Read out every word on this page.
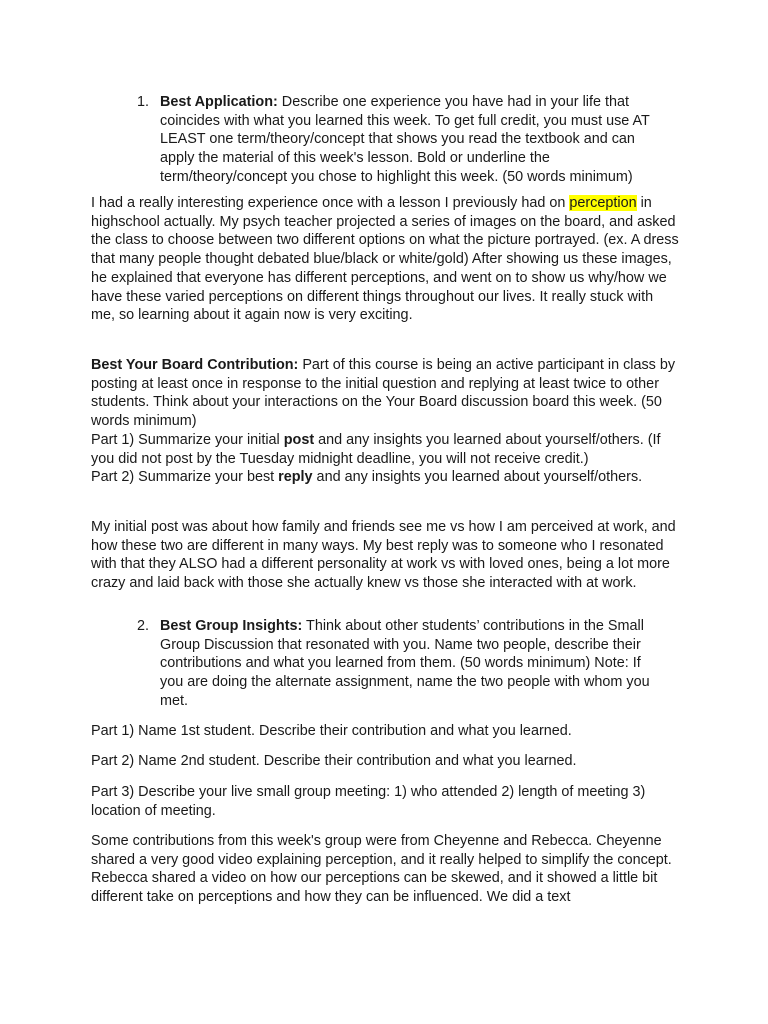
1. Best Application: Describe one experience you have had in your life that coincides with what you learned this week. To get full credit, you must use AT LEAST one term/theory/concept that shows you read the textbook and can apply the material of this week's lesson. Bold or underline the term/theory/concept you chose to highlight this week. (50 words minimum)

I had a really interesting experience once with a lesson I previously had on perception in highschool actually. My psych teacher projected a series of images on the board, and asked the class to choose between two different options on what the picture portrayed. (ex. A dress that many people thought debated blue/black or white/gold) After showing us these images, he explained that everyone has different perceptions, and went on to show us why/how we have these varied perceptions on different things throughout our lives. It really stuck with me, so learning about it again now is very exciting.

Best Your Board Contribution: Part of this course is being an active participant in class by posting at least once in response to the initial question and replying at least twice to other students. Think about your interactions on the Your Board discussion board this week. (50 words minimum)

Part 1) Summarize your initial post and any insights you learned about yourself/others. (If you did not post by the Tuesday midnight deadline, you will not receive credit.)

Part 2) Summarize your best reply and any insights you learned about yourself/others.

My initial post was about how family and friends see me vs how I am perceived at work, and how these two are different in many ways. My best reply was to someone who I resonated with that they ALSO had a different personality at work vs with loved ones, being a lot more crazy and laid back with those she actually knew vs those she interacted with at work.

2. Best Group Insights: Think about other students’ contributions in the Small Group Discussion that resonated with you. Name two people, describe their contributions and what you learned from them. (50 words minimum) Note: If you are doing the alternate assignment, name the two people with whom you met.

Part 1) Name 1st student. Describe their contribution and what you learned.

Part 2) Name 2nd student. Describe their contribution and what you learned.

Part 3) Describe your live small group meeting: 1) who attended 2) length of meeting 3) location of meeting.

Some contributions from this week's group were from Cheyenne and Rebecca. Cheyenne shared a very good video explaining perception, and it really helped to simplify the concept. Rebecca shared a video on how our perceptions can be skewed, and it showed a little bit different take on perceptions and how they can be influenced. We did a text
